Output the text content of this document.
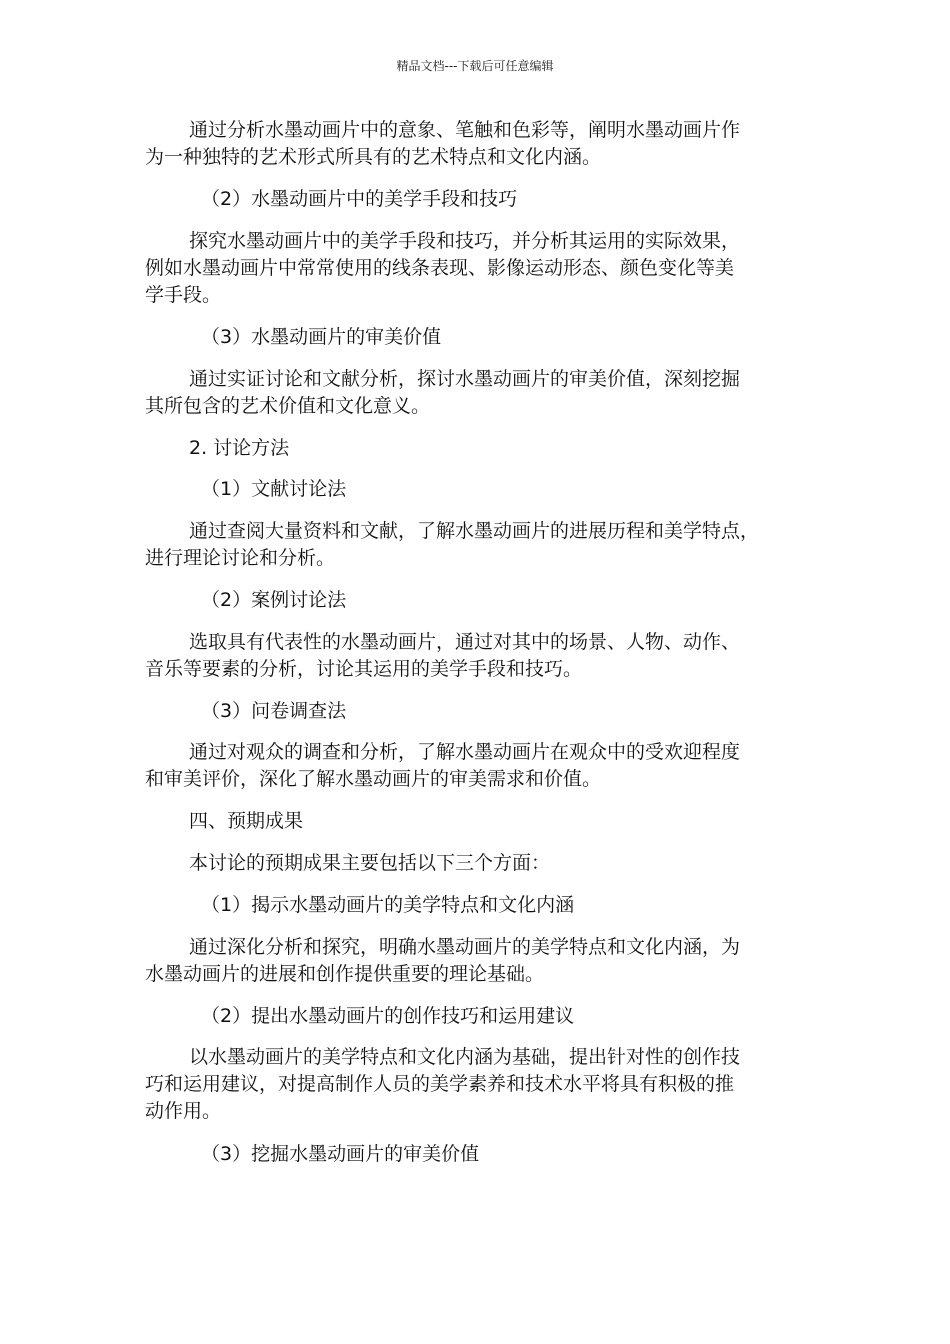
精品文档---下载后可任意编辑
通过分析水墨动画片中的意象、笔触和色彩等，阐明水墨动画片作
为一种独特的艺术形式所具有的艺术特点和文化内涵。
（2）水墨动画片中的美学手段和技巧
探究水墨动画片中的美学手段和技巧，并分析其运用的实际效果，
例如水墨动画片中常常使用的线条表现、影像运动形态、颜色变化等美
学手段。
（3）水墨动画片的审美价值
通过实证讨论和文献分析，探讨水墨动画片的审美价值，深刻挖掘
其所包含的艺术价值和文化意义。
2. 讨论方法
（1）文献讨论法
通过查阅大量资料和文献，了解水墨动画片的进展历程和美学特点，
进行理论讨论和分析。
（2）案例讨论法
选取具有代表性的水墨动画片，通过对其中的场景、人物、动作、
音乐等要素的分析，讨论其运用的美学手段和技巧。
（3）问卷调查法
通过对观众的调查和分析，了解水墨动画片在观众中的受欢迎程度
和审美评价，深化了解水墨动画片的审美需求和价值。
四、预期成果
本讨论的预期成果主要包括以下三个方面：
（1）揭示水墨动画片的美学特点和文化内涵
通过深化分析和探究，明确水墨动画片的美学特点和文化内涵，为
水墨动画片的进展和创作提供重要的理论基础。
（2）提出水墨动画片的创作技巧和运用建议
以水墨动画片的美学特点和文化内涵为基础，提出针对性的创作技
巧和运用建议，对提高制作人员的美学素养和技术水平将具有积极的推
动作用。
（3）挖掘水墨动画片的审美价值
